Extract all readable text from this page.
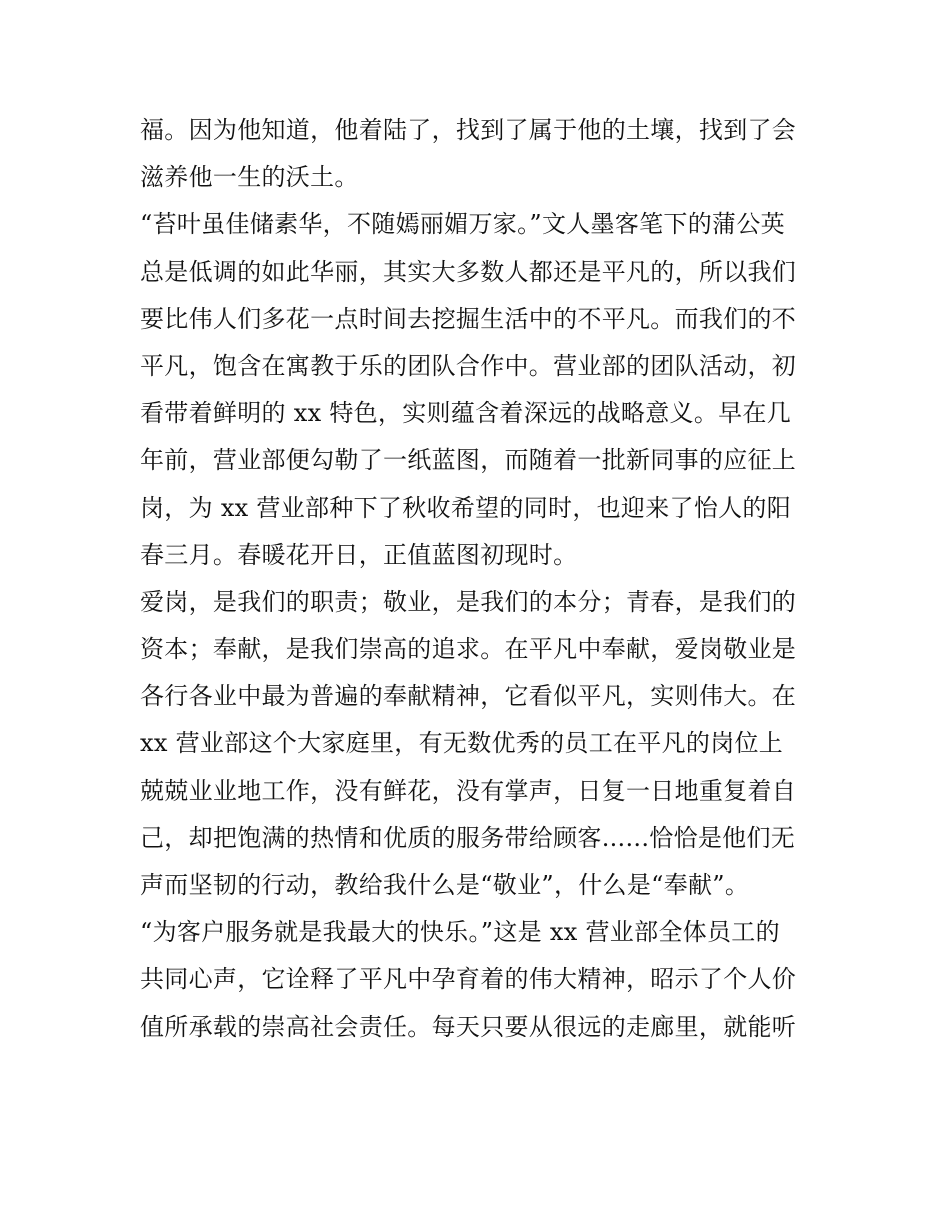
福。因为他知道，他着陆了，找到了属于他的土壤，找到了会
滋养他一生的沃土。
“苔叶虽佳储素华，不随嫣丽媚万家。”文人墨客笔下的蒲公英
总是低调的如此华丽，其实大多数人都还是平凡的，所以我们
要比伟人们多花一点时间去挖掘生活中的不平凡。而我们的不
平凡，饱含在寓教于乐的团队合作中。营业部的团队活动，初
看带着鲜明的 xx 特色，实则蕴含着深远的战略意义。早在几
年前，营业部便勾勒了一纸蓝图，而随着一批新同事的应征上
岗，为 xx 营业部种下了秋收希望的同时，也迎来了怡人的阳
春三月。春暖花开日，正值蓝图初现时。
爱岗，是我们的职责；敬业，是我们的本分；青春，是我们的
资本；奉献，是我们崇高的追求。在平凡中奉献，爱岗敬业是
各行各业中最为普遍的奉献精神，它看似平凡，实则伟大。在
xx 营业部这个大家庭里，有无数优秀的员工在平凡的岗位上
兢兢业业地工作，没有鲜花，没有掌声，日复一日地重复着自
己，却把饱满的热情和优质的服务带给顾客......恰恰是他们无
声而坚韧的行动，教给我什么是“敬业”，什么是“奉献”。
“为客户服务就是我最大的快乐。”这是 xx 营业部全体员工的
共同心声，它诠释了平凡中孕育着的伟大精神，昭示了个人价
值所承载的崇高社会责任。每天只要从很远的走廊里，就能听
